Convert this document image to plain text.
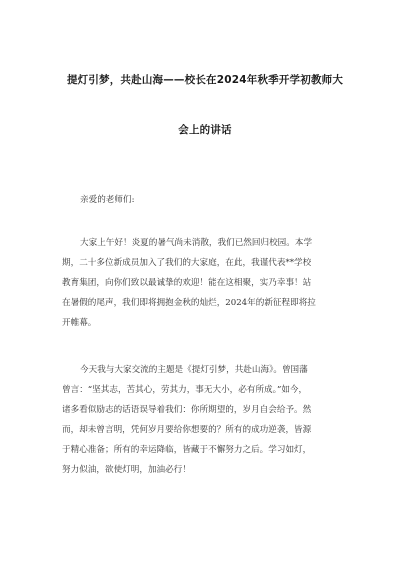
提灯引梦，共赴山海——校长在2024年秋季开学初教师大
会上的讲话

亲爱的老师们:

大家上午好！炎夏的暑气尚未消散，我们已然回归校园。本学

期，二十多位新成员加入了我们的大家庭，在此，我谨代表**学校

教育集团，向你们致以最诚挚的欢迎！能在这相聚，实乃幸事！站

在暑假的尾声，我们即将拥抱金秋的灿烂，2024年的新征程即将拉

开帷幕。

今天我与大家交流的主题是《提灯引梦，共赴山海》。曾国藩

曾言：“坚其志，苦其心，劳其力，事无大小，必有所成。”如今，

诸多看似励志的话语误导着我们：你所期望的，岁月自会给予。然

而，却未曾言明，凭何岁月要给你想要的？所有的成功逆袭，皆源

于精心准备；所有的幸运降临，皆藏于不懈努力之后。学习如灯，

努力似油，欲使灯明，加油必行！
